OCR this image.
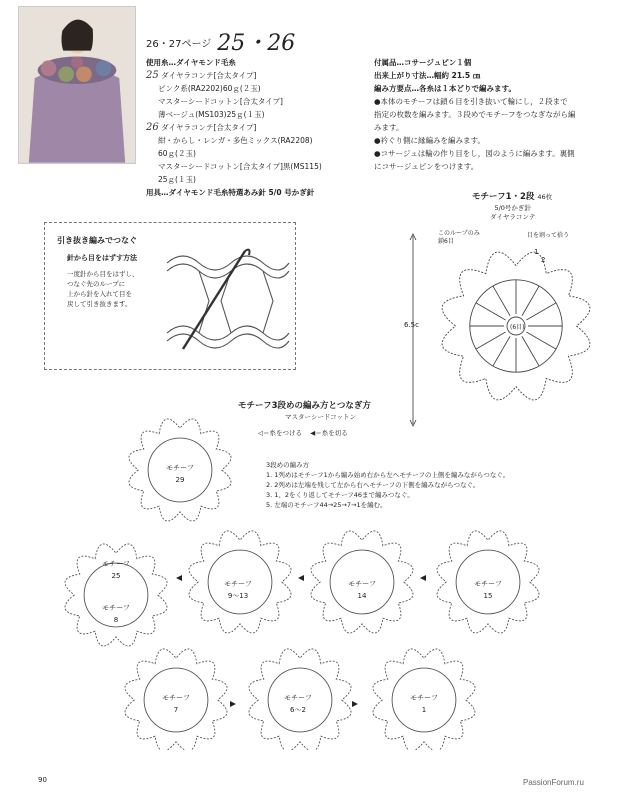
26・27ページ 25・26
使用糸…ダイヤモンド毛糸
25 ダイヤラコンテ[合太タイプ]
ピンク系(RA2202)60ｇ(２玉)
マスターシードコットン[合太タイプ]
薄ベージュ(MS103)25ｇ(１玉)
26 ダイヤラコンテ[合太タイプ]
紺・からし・レンガ・多色ミックス(RA2208)
60ｇ(２玉)
マスターシードコットン[合太タイプ]黒(MS115)
25ｇ(１玉)
用具…ダイヤモンド毛糸特選あみ針 5/0 号かぎ針
付属品…コサージュピン１個
出来上がり寸法…幅約 21.5 ㎝
編み方要点…各糸は１本どりで編みます。
●本体のモチーフは鎖６目を引き抜いて輪にし，２段まで
指定の枚数を編みます。３段めでモチーフをつなぎながら編
みます。
●衿ぐり側に縁編みを編みます。
●コサージュは輪の作り目をし，図のように編みます。裏側
にコサージュピンをつけます。
引き抜き編みでつなぐ
針から目をはずす方法
一度針から目をはずし、
つなぐ先のループに
上から針を入れて目を
戻して引き抜きます。
モチーフ1・2段 46枚
5/0号かぎ針
ダイヤラコンテ
このループのみ
鎖6目
目を割って拾う
6.5c	(6目)
1
2
モチーフ3段めの編み方とつなぎ方
マスターシードコットン
◁＝糸をつける ◀＝糸を切る
3段めの編み方
1. 1列めはモチーフ1から編み始め右から左へモチーフの上側を編みながらつなぐ。
2. 2列めは左端を残して左から右へモチーフの下側を編みながらつなぐ。
3. 1、2をくり返してモチーフ46まで編みつなぐ。
5. 左端のモチーフ44→25→7→1を編む。
モチーフ
29
モチーフ
25
モチーフ
8
モチーフ
9～13
モチーフ
14
モチーフ
15
モチーフ
7
モチーフ
6～2
モチーフ
1
90	PassionForum.ru
